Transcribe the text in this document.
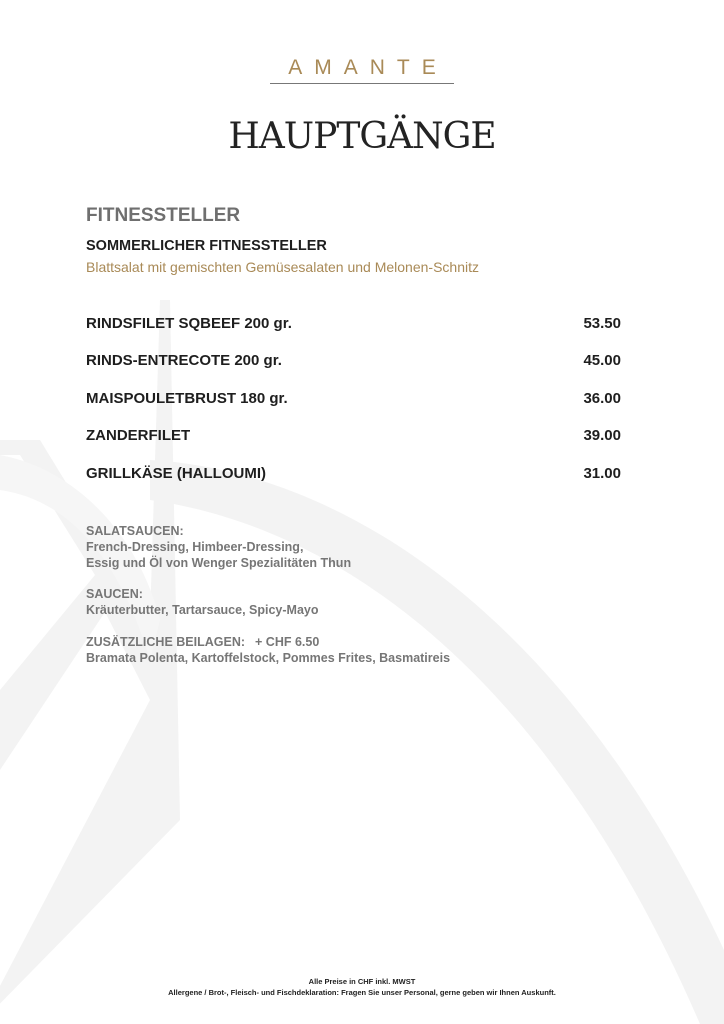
AMANTE
HAUPTGÄNGE
FITNESSTELLER
SOMMERLICHER FITNESSTELLER
Blattsalat mit gemischten Gemüsesalaten und Melonen-Schnitz
RINDSFILET SQBEEF 200 gr.	53.50
RINDS-ENTRECOTE 200 gr.	45.00
MAISPOULETBRUST 180 gr.	36.00
ZANDERFILET	39.00
GRILLKÄSE (HALLOUMI)	31.00
SALATSAUCEN:
French-Dressing, Himbeer-Dressing,
Essig und Öl von Wenger Spezialitäten Thun
SAUCEN:
Kräuterbutter, Tartarsauce, Spicy-Mayo
ZUSÄTZLICHE BEILAGEN: + CHF 6.50
Bramata Polenta, Kartoffelstock, Pommes Frites, Basmatireis
Alle Preise in CHF inkl. MWST
Allergene / Brot-, Fleisch- und Fischdeklaration: Fragen Sie unser Personal, gerne geben wir Ihnen Auskunft.
